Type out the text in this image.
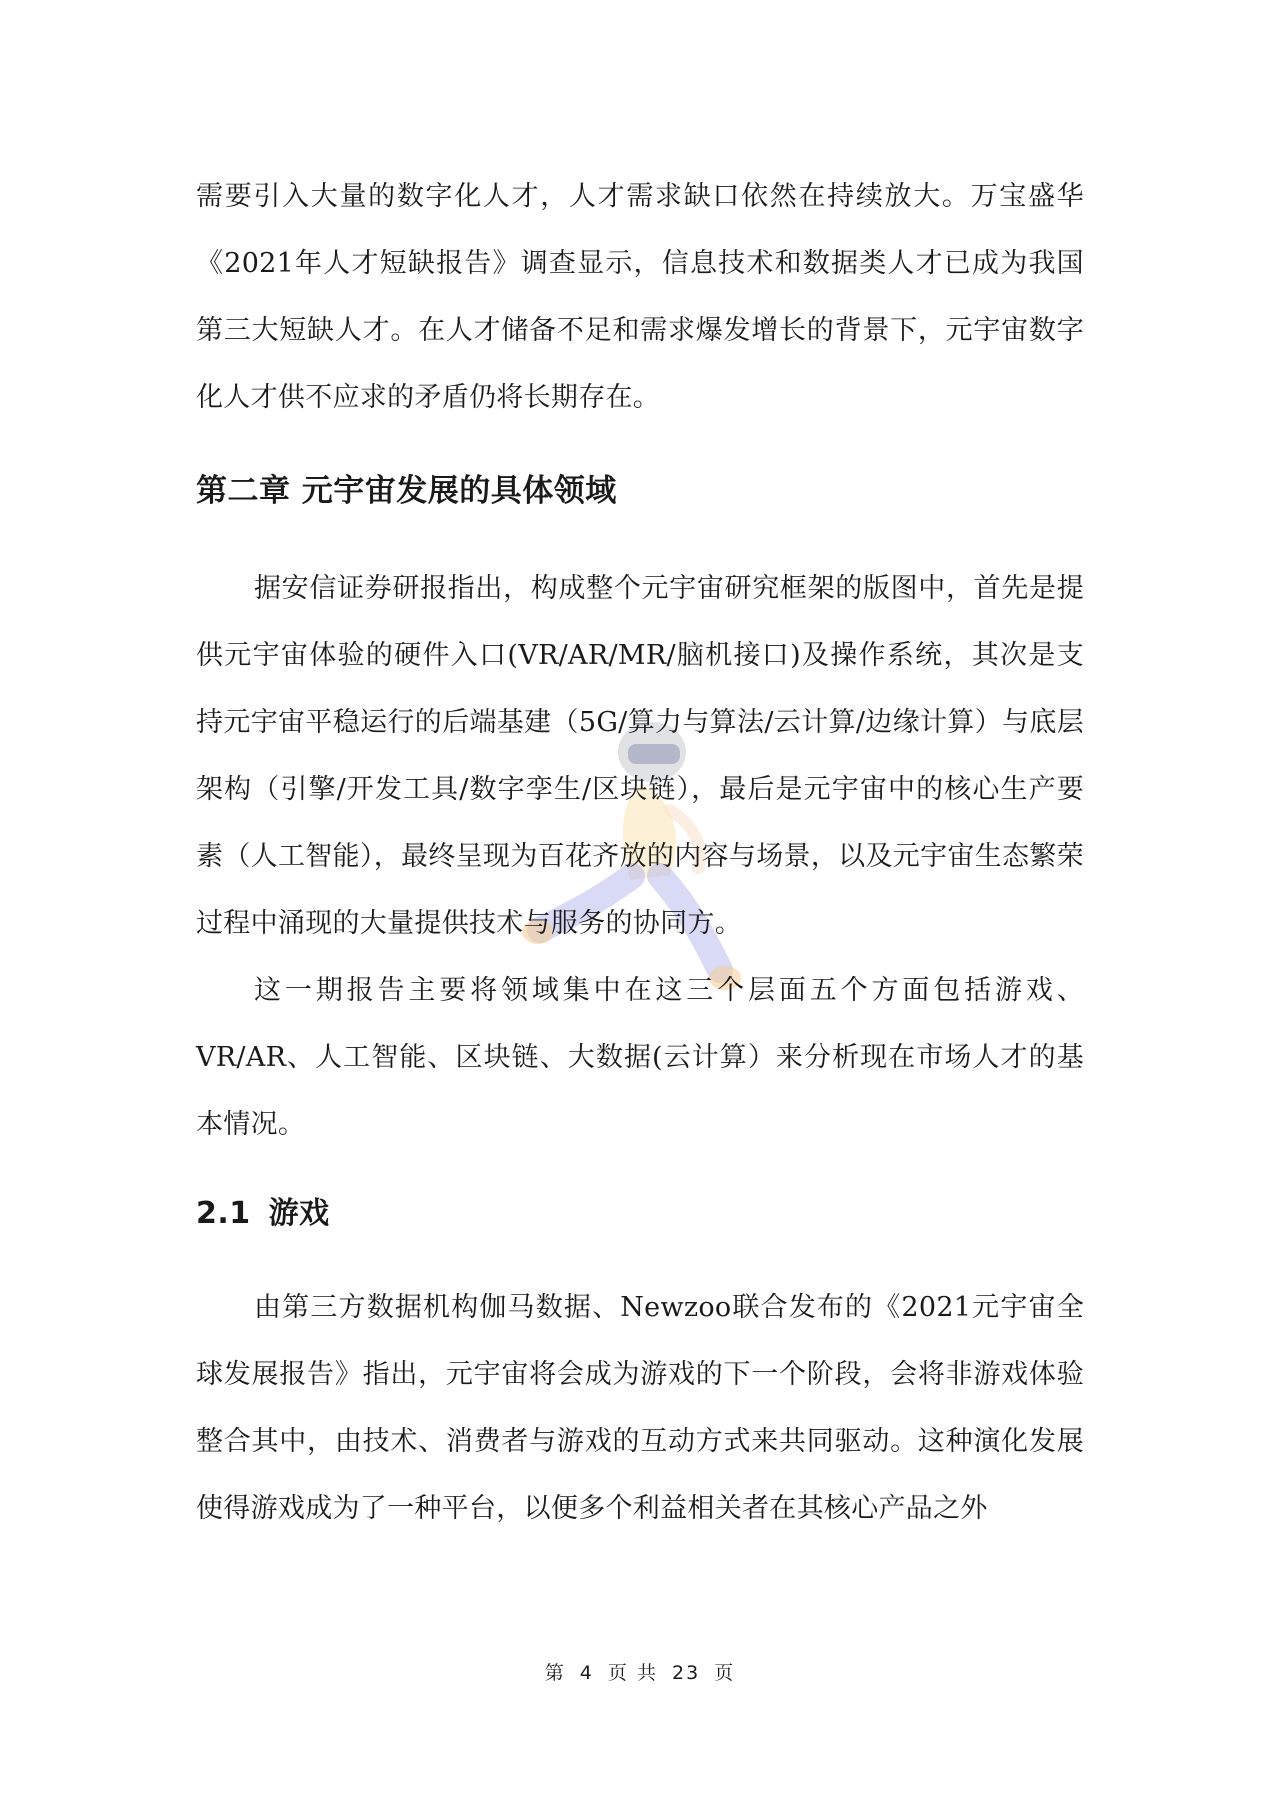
需要引入大量的数字化人才，人才需求缺口依然在持续放大。万宝盛华《2021年人才短缺报告》调查显示，信息技术和数据类人才已成为我国第三大短缺人才。在人才储备不足和需求爆发增长的背景下，元宇宙数字化人才供不应求的矛盾仍将长期存在。

第二章 元宇宙发展的具体领域

据安信证券研报指出，构成整个元宇宙研究框架的版图中，首先是提供元宇宙体验的硬件入口(VR/AR/MR/脑机接口)及操作系统，其次是支持元宇宙平稳运行的后端基建（5G/算力与算法/云计算/边缘计算）与底层架构（引擎/开发工具/数字孪生/区块链），最后是元宇宙中的核心生产要素（人工智能），最终呈现为百花齐放的内容与场景，以及元宇宙生态繁荣过程中涌现的大量提供技术与服务的协同方。

这一期报告主要将领域集中在这三个层面五个方面包括游戏、VR/AR、人工智能、区块链、大数据(云计算）来分析现在市场人才的基本情况。

2.1 游戏

由第三方数据机构伽马数据、Newzoo联合发布的《2021元宇宙全球发展报告》指出，元宇宙将会成为游戏的下一个阶段，会将非游戏体验整合其中，由技术、消费者与游戏的互动方式来共同驱动。这种演化发展使得游戏成为了一种平台，以便多个利益相关者在其核心产品之外

第 4 页 共 23 页
